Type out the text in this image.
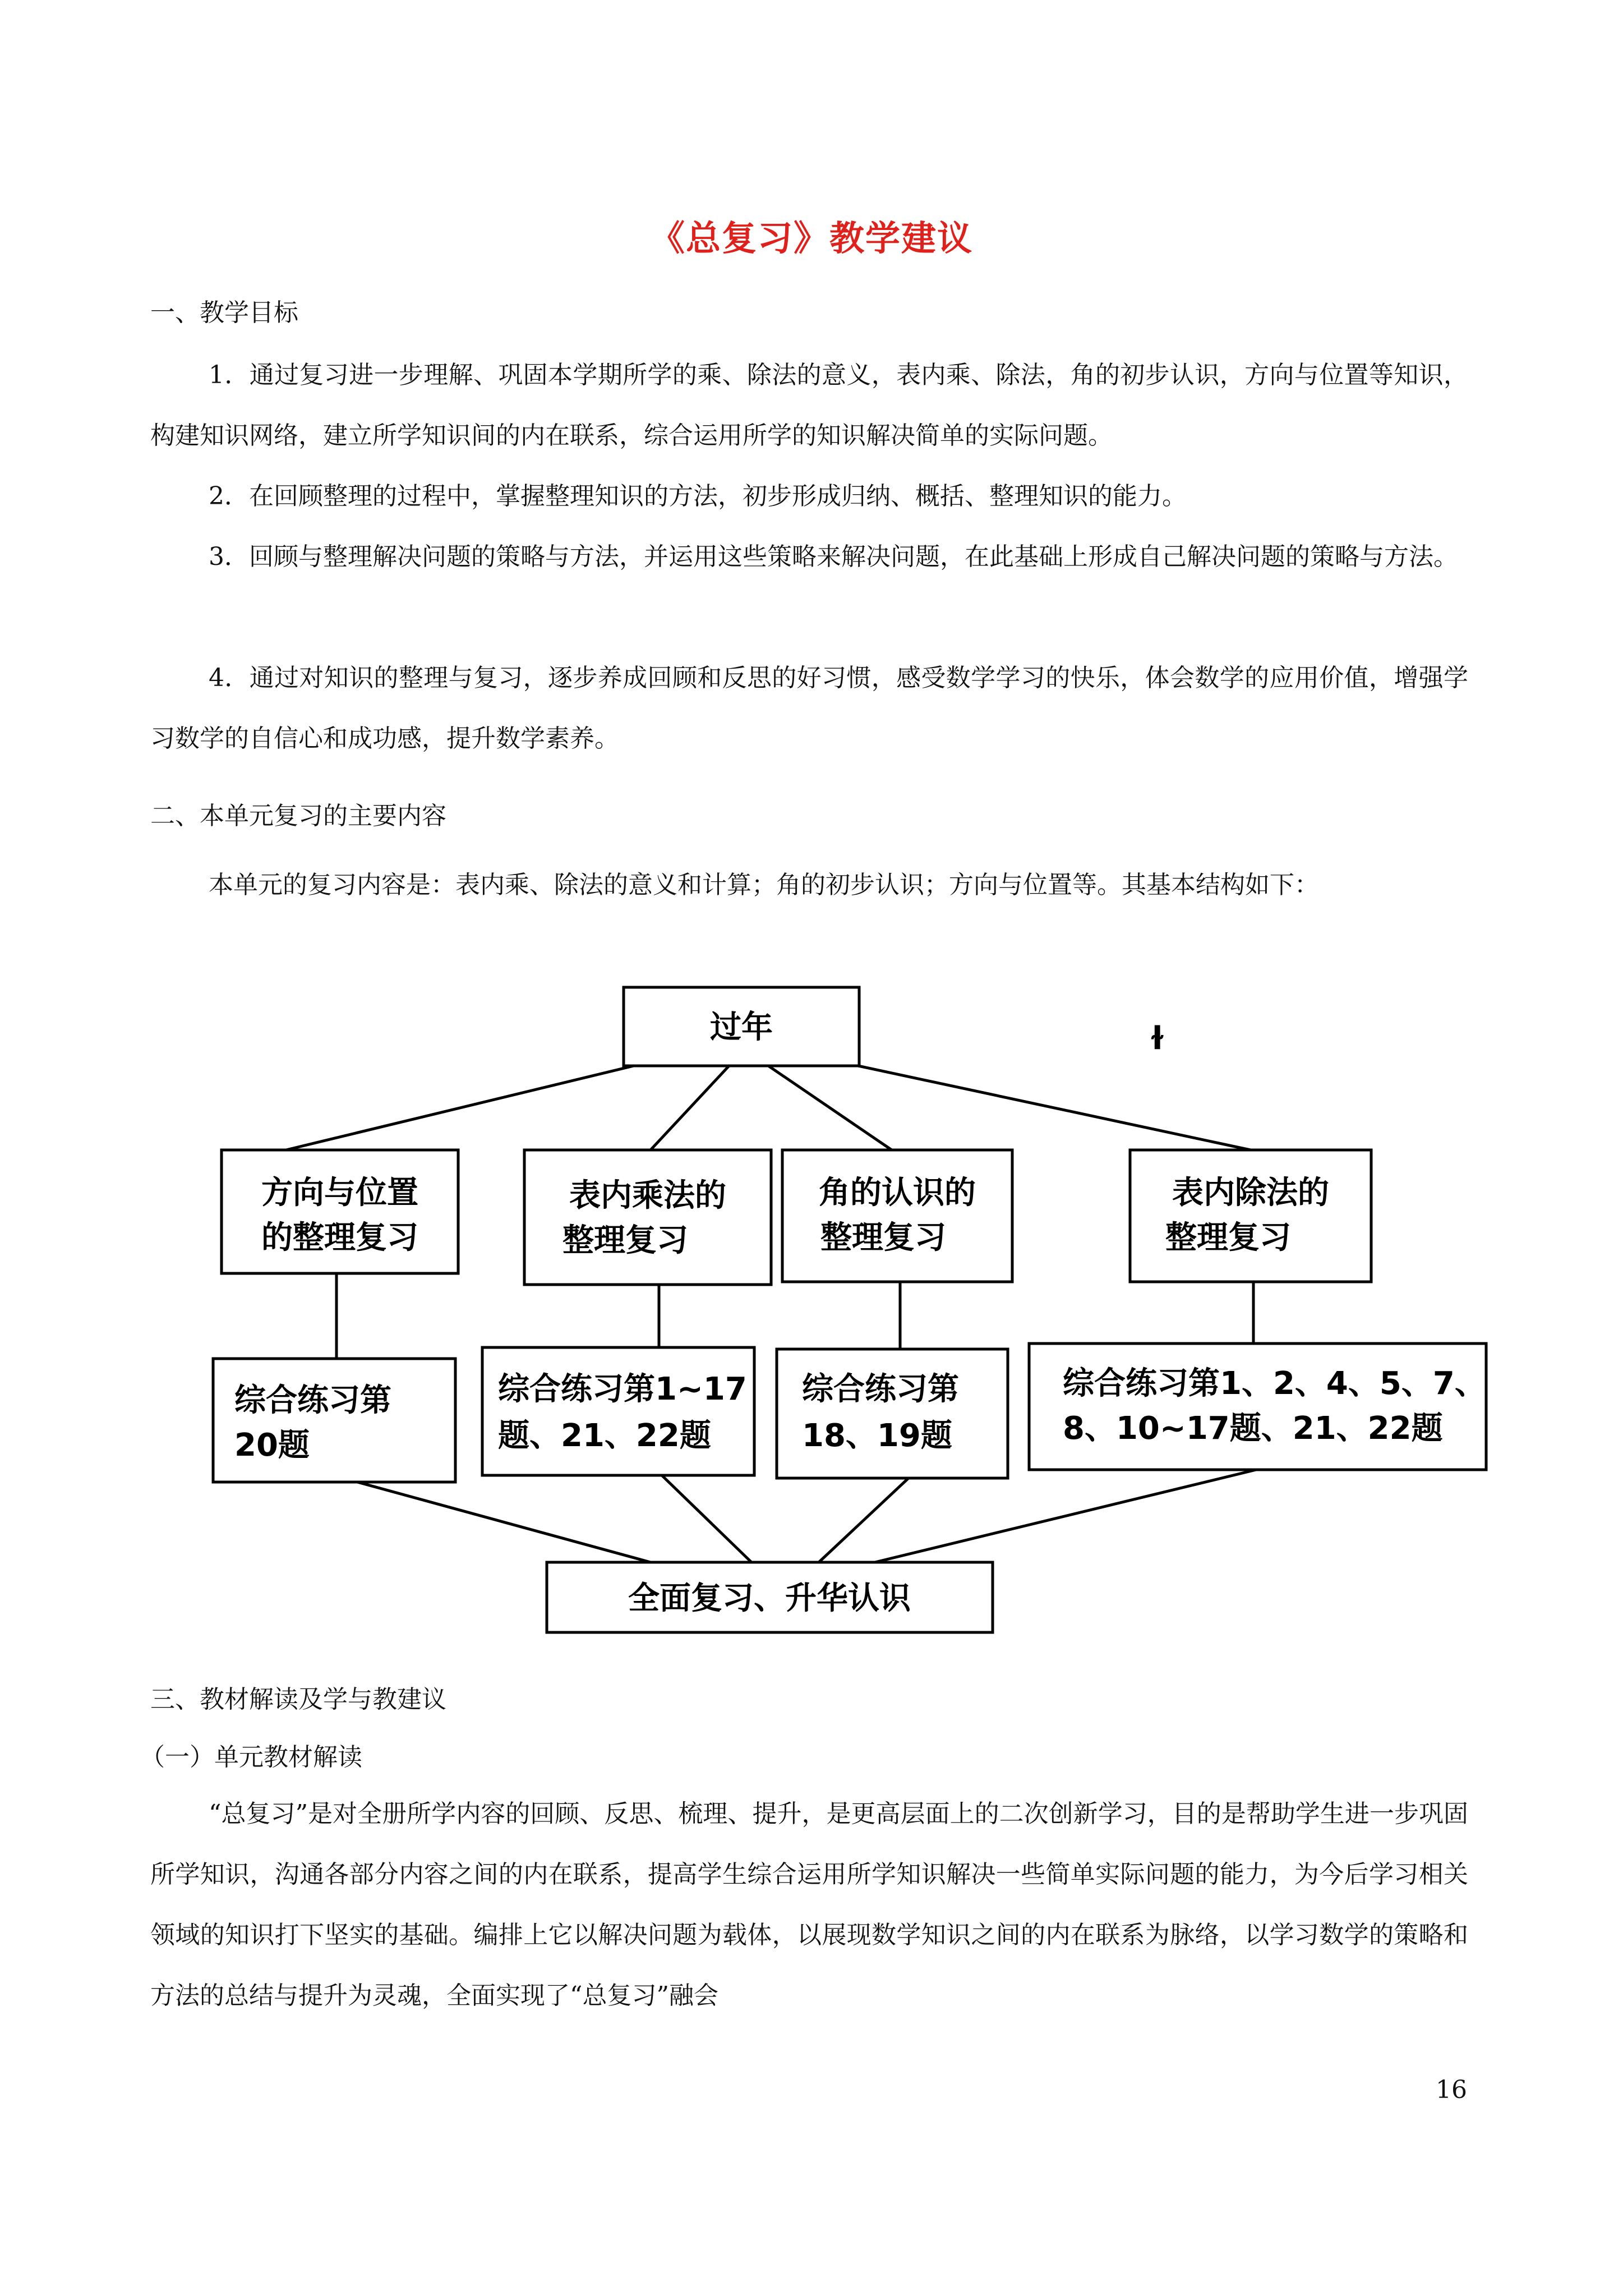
《总复习》教学建议
一、教学目标

1．通过复习进一步理解、巩固本学期所学的乘、除法的意义，表内乘、除法，角的初步认识，方向与位置等知识，构建知识网络，建立所学知识间的内在联系，综合运用所学的知识解决简单的实际问题。

2．在回顾整理的过程中，掌握整理知识的方法，初步形成归纳、概括、整理知识的能力。

3．回顾与整理解决问题的策略与方法，并运用这些策略来解决问题，在此基础上形成自己解决问题的策略与方法。

4．通过对知识的整理与复习，逐步养成回顾和反思的好习惯，感受数学学习的快乐，体会数学的应用价值，增强学习数学的自信心和成功感，提升数学素养。

二、本单元复习的主要内容

本单元的复习内容是：表内乘、除法的意义和计算；角的初步认识；方向与位置等。其基本结构如下：

过年	ɫ
方向与位置
的整理复习
表内乘法的
整理复习
角的认识的
整理复习
表内除法的
整理复习
综合练习第
20题
综合练习第1~17
题、21、22题
综合练习第
18、19题
综合练习第1、2、4、5、7、
8、10~17题、21、22题
全面复习、升华认识
三、教材解读及学与教建议
（一）单元教材解读

“总复习”是对全册所学内容的回顾、反思、梳理、提升，是更高层面上的二次创新学习，目的是帮助学生进一步巩固所学知识，沟通各部分内容之间的内在联系，提高学生综合运用所学知识解决一些简单实际问题的能力，为今后学习相关领域的知识打下坚实的基础。编排上它以解决问题为载体，以展现数学知识之间的内在联系为脉络，以学习数学的策略和方法的总结与提升为灵魂，全面实现了“总复习”融会

16
